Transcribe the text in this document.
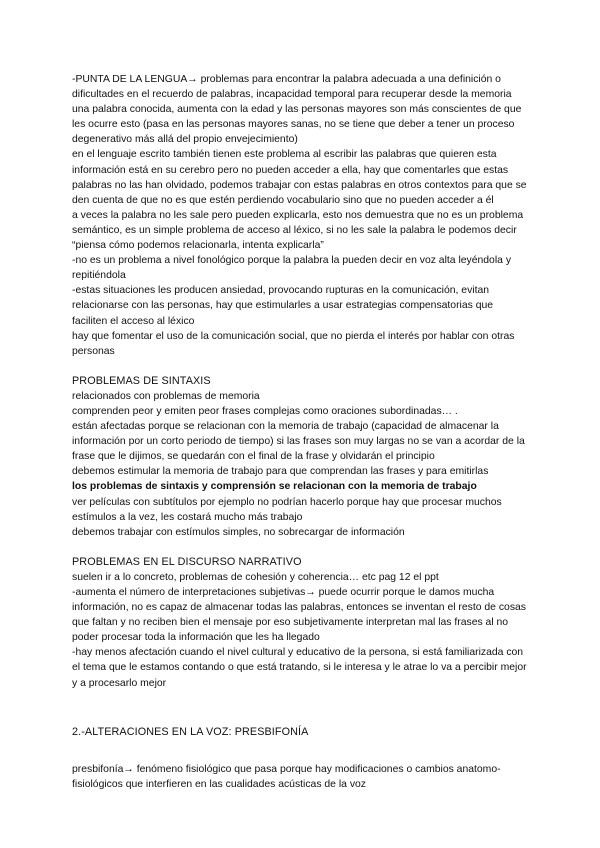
-PUNTA DE LA LENGUA→ problemas para encontrar la palabra adecuada a una definición o dificultades en el recuerdo de palabras, incapacidad temporal para recuperar desde la memoria una palabra conocida, aumenta con la edad y las personas mayores son más conscientes de que les ocurre esto (pasa en las personas mayores sanas, no se tiene que deber a tener un proceso degenerativo más allá del propio envejecimiento)

en el lenguaje escrito también tienen este problema al escribir las palabras que quieren esta información está en su cerebro pero no pueden acceder a ella, hay que comentarles que estas palabras no las han olvidado, podemos trabajar con estas palabras en otros contextos para que se den cuenta de que no es que estén perdiendo vocabulario sino que no pueden acceder a él

a veces la palabra no les sale pero pueden explicarla, esto nos demuestra que no es un problema semántico, es un simple problema de acceso al léxico, si no les sale la palabra le podemos decir “piensa cómo podemos relacionarla, intenta explicarla”

-no es un problema a nivel fonológico porque la palabra la pueden decir en voz alta leyéndola y repitiéndola

-estas situaciones les producen ansiedad, provocando rupturas en la comunicación, evitan relacionarse con las personas, hay que estimularles a usar estrategias compensatorias que faciliten el acceso al léxico

hay que fomentar el uso de la comunicación social, que no pierda el interés por hablar con otras personas

PROBLEMAS DE SINTAXIS

relacionados con problemas de memoria

comprenden peor y emiten peor frases complejas como oraciones subordinadas… .

están afectadas porque se relacionan con la memoria de trabajo (capacidad de almacenar la información por un corto periodo de tiempo) si las frases son muy largas no se van a acordar de la frase que le dijimos, se quedarán con el final de la frase y olvidarán el principio

debemos estimular la memoria de trabajo para que comprendan las frases y para emitirlas

los problemas de sintaxis y comprensión se relacionan con la memoria de trabajo

ver películas con subtítulos por ejemplo no podrían hacerlo porque hay que procesar muchos estímulos a la vez, les costará mucho más trabajo

debemos trabajar con estímulos simples, no sobrecargar de información

PROBLEMAS EN EL DISCURSO NARRATIVO

suelen ir a lo concreto, problemas de cohesión y coherencia… etc pag 12 el ppt

-aumenta el número de interpretaciones subjetivas→ puede ocurrir porque le damos mucha información, no es capaz de almacenar todas las palabras, entonces se inventan el resto de cosas que faltan y no reciben bien el mensaje por eso subjetivamente interpretan mal las frases al no poder procesar toda la información que les ha llegado

-hay menos afectación cuando el nivel cultural y educativo de la persona, si está familiarizada con el tema que le estamos contando o que está tratando, si le interesa y le atrae lo va a percibir mejor y a procesarlo mejor

2.-ALTERACIONES EN LA VOZ: PRESBIFONÍA

presbifonía→ fenómeno fisiológico que pasa porque hay modificaciones o cambios anatomo-fisiológicos que interfieren en las cualidades acústicas de la voz
